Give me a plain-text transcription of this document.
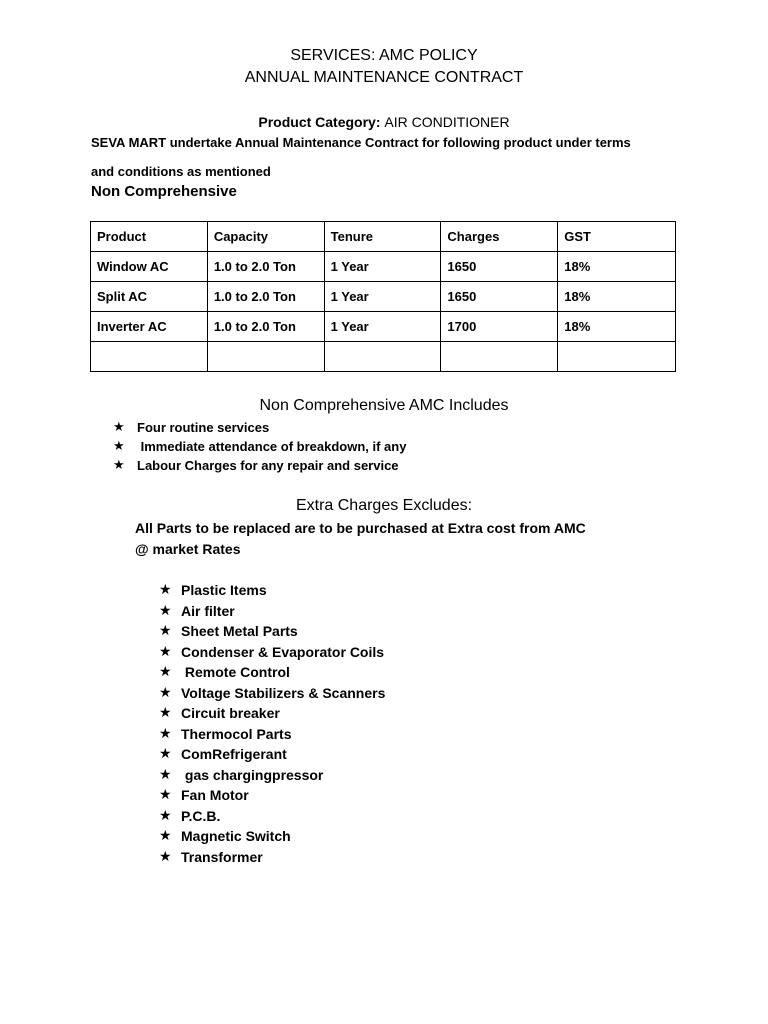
SERVICES: AMC POLICY
ANNUAL MAINTENANCE CONTRACT
Product Category: AIR CONDITIONER
SEVA MART undertake Annual Maintenance Contract for following product under terms
and conditions as mentioned
Non Comprehensive
Product	Capacity	Tenure	Charges	GST
Window AC	1.0 to 2.0 Ton	1 Year	1650	18%
Split AC	1.0 to 2.0 Ton	1 Year	1650	18%
Inverter AC	1.0 to 2.0 Ton	1 Year	1700	18%

Non Comprehensive AMC Includes
★ Four routine services
★ Immediate attendance of breakdown, if any
★ Labour Charges for any repair and service
Extra Charges Excludes:
All Parts to be replaced are to be purchased at Extra cost from AMC
@ market Rates
★ Plastic Items
★ Air filter
★ Sheet Metal Parts
★ Condenser & Evaporator Coils
★ Remote Control
★ Voltage Stabilizers & Scanners
★ Circuit breaker
★ Thermocol Parts
★ ComRefrigerant
★ gas chargingpressor
★ Fan Motor
★ P.C.B.
★ Magnetic Switch
★ Transformer
